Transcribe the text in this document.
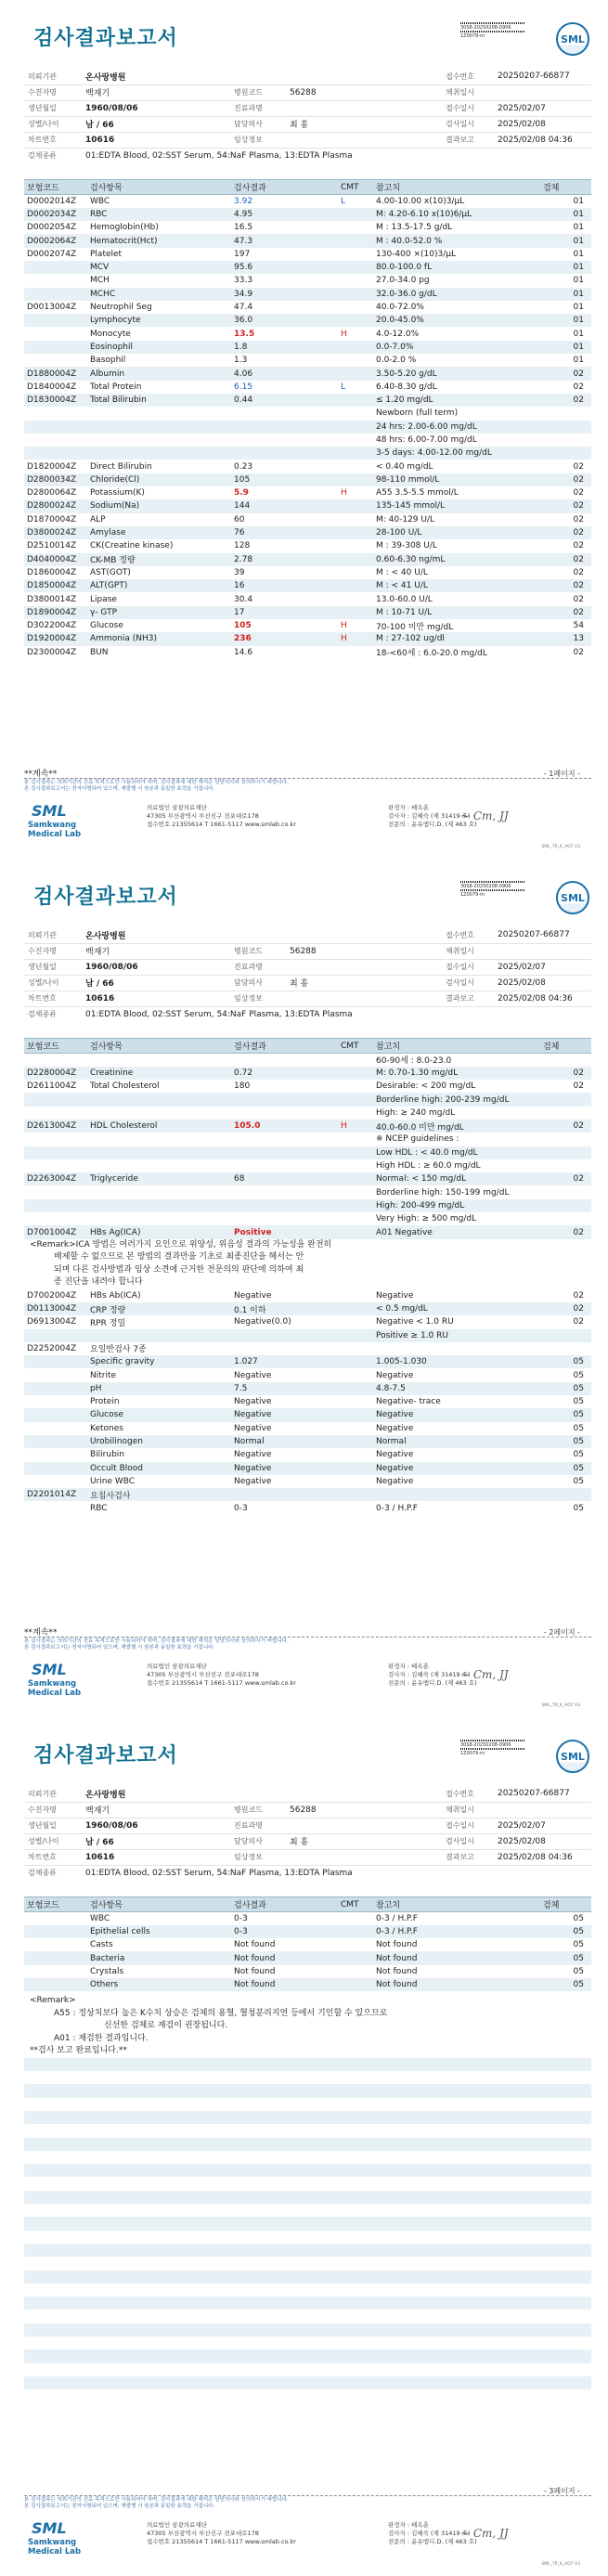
검사결과보고서	30S8-20250208-0906
1Z0079-m	SML
의뢰기관	온사랑병원			접수번호	20250207-66877
수진자명	백재기	병원코드	56288	채취일시	
생년월일	1960/08/06	진료과명		접수일시	2025/02/07
성별/나이	남 / 66	담당의사	최 홍	검사일시	2025/02/08
차트번호	10616	임상정보		결과보고	2025/02/08 04:36
검체종류	01:EDTA Blood, 02:SST Serum, 54:NaF Plasma, 13:EDTA Plasma				
보험코드	검사항목	검사결과	CMT	참고치	검체
D0002014Z	WBC	3.92	L	4.00-10.00 x(10)3/μL	01
D0002034Z	RBC	4.95		M: 4.20-6.10 x(10)6/μL	01
D0002054Z	Hemoglobin(Hb)	16.5		M : 13.5-17.5 g/dL	01
D0002064Z	Hematocrit(Hct)	47.3		M : 40.0-52.0 %	01
D0002074Z	Platelet	197		130-400 ×(10)3/μL	01
	MCV	95.6		80.0-100.0 fL	01
	MCH	33.3		27.0-34.0 pg	01
	MCHC	34.9		32.0-36.0 g/dL	01
D0013004Z	Neutrophil Seg	47.4		40.0-72.0%	01
	Lymphocyte	36.0		20.0-45.0%	01
	Monocyte	13.5	H	4.0-12.0%	01
	Eosinophil	1.8		0.0-7.0%	01
	Basophil	1.3		0.0-2.0 %	01
D1880004Z	Albumin	4.06		3.50-5.20 g/dL	02
D1840004Z	Total Protein	6.15	L	6.40-8.30 g/dL	02
D1830004Z	Total Bilirubin	0.44		≤ 1.20 mg/dL	02
				Newborn (full term)	
				24 hrs: 2.00-6.00 mg/dL	
				48 hrs: 6.00-7.00 mg/dL	
				3-5 days: 4.00-12.00 mg/dL	
D1820004Z	Direct Bilirubin	0.23		< 0.40 mg/dL	02
D2800034Z	Chloride(Cl)	105		98-110 mmol/L	02
D2800064Z	Potassium(K)	5.9	H	A55 3.5-5.5 mmol/L	02
D2800024Z	Sodium(Na)	144		135-145 mmol/L	02
D1870004Z	ALP	60		M: 40-129 U/L	02
D3800024Z	Amylase	76		28-100 U/L	02
D2510014Z	CK(Creatine kinase)	128		M : 39-308 U/L	02
D4040004Z	CK-MB 정량	2.78		0.60-6.30 ng/mL	02
D1860004Z	AST(GOT)	39		M : < 40 U/L	02
D1850004Z	ALT(GPT)	16		M : < 41 U/L	02
D3800014Z	Lipase	30.4		13.0-60.0 U/L	02
D1890004Z	γ- GTP	17		M : 10-71 U/L	02
D3022004Z	Glucose	105	H	70-100 미만 mg/dL	54
D1920004Z	Ammonia (NH3)	236	H	M : 27-102 ug/dl	13
D2300004Z	BUN	14.6		18-<60세 : 6.0-20.0 mg/dL	02
**계속**	- 1페이지 -
본 검사결과는 의뢰기관의 진료 목적으로만 사용되어야 하며, 검사결과에 대한 해석은 담당의사와 상의하시기 바랍니다.
본 검사결과보고서는 전자서명되어 있으며, 재발행 시 원본과 동일한 효력을 가집니다.
SML
Samkwang
Medical Lab
의료법인 삼광의료재단
47305 부산광역시 부산진구 전포대로178
접수번호 21355614 T 1661-5117 www.smlab.co.kr
판정자 : 배옥훈
검사자 : 김혜숙 (제 31419 호)
전문의 : 윤유엠디.D. (제 463 호)
~ Cm, JJ
SML_TR_K_AO7 V3
검사결과보고서	30S8-20250208-0906
1Z0079-m	SML
의뢰기관	온사랑병원			접수번호	20250207-66877
수진자명	백재기	병원코드	56288	채취일시	
생년월일	1960/08/06	진료과명		접수일시	2025/02/07
성별/나이	남 / 66	담당의사	최 홍	검사일시	2025/02/08
차트번호	10616	임상정보		결과보고	2025/02/08 04:36
검체종류	01:EDTA Blood, 02:SST Serum, 54:NaF Plasma, 13:EDTA Plasma				
보험코드	검사항목	검사결과	CMT	참고치	검체
				60-90세 : 8.0-23.0	
D2280004Z	Creatinine	0.72		M: 0.70-1.30 mg/dL	02
D2611004Z	Total Cholesterol	180		Desirable: < 200 mg/dL	02
				Borderline high: 200-239 mg/dL	
				High: ≥ 240 mg/dL	
D2613004Z	HDL Cholesterol	105.0	H	40.0-60.0 미만 mg/dL	02
				※ NCEP guidelines :	
				Low HDL : < 40.0 mg/dL	
				High HDL : ≥ 60.0 mg/dL	
D2263004Z	Triglyceride	68		Normal: < 150 mg/dL	02
				Borderline high: 150-199 mg/dL	
				High: 200-499 mg/dL	
				Very High: ≥ 500 mg/dL	
D7001004Z	HBs Ag(ICA)	Positive		A01 Negative	02
<Remark>ICA 방법은 여러가지 요인으로 위양성, 위음성 결과의 가능성을 완전히
배제할 수 없으므로 본 방법의 결과만을 기초로 최종진단을 해서는 안
되며 다른 검사방법과 임상 소견에 근거한 전문의의 판단에 의하여 최
종 진단을 내려야 합니다
D7002004Z	HBs Ab(ICA)	Negative		Negative	02
D0113004Z	CRP 정량	0.1 이하		< 0.5 mg/dL	02
D6913004Z	RPR 정밀	Negative(0.0)		Negative < 1.0 RU	02
				Positive ≥ 1.0 RU	
D2252004Z	요일반검사 7종				
	Specific gravity	1.027		1.005-1.030	05
	Nitrite	Negative		Negative	05
	pH	7.5		4.8-7.5	05
	Protein	Negative		Negative- trace	05
	Glucose	Negative		Negative	05
	Ketones	Negative		Negative	05
	Urobilinogen	Normal		Normal	05
	Bilirubin	Negative		Negative	05
	Occult Blood	Negative		Negative	05
	Urine WBC	Negative		Negative	05
D2201014Z	요침사검사				
	RBC	0-3		0-3 / H.P.F	05
**계속**	- 2페이지 -
본 검사결과는 의뢰기관의 진료 목적으로만 사용되어야 하며, 검사결과에 대한 해석은 담당의사와 상의하시기 바랍니다.
본 검사결과보고서는 전자서명되어 있으며, 재발행 시 원본과 동일한 효력을 가집니다.
SML
Samkwang
Medical Lab
의료법인 삼광의료재단
47305 부산광역시 부산진구 전포대로178
접수번호 21355614 T 1661-5117 www.smlab.co.kr
판정자 : 배옥훈
검사자 : 김혜숙 (제 31419 호)
전문의 : 윤유엠디.D. (제 463 호)
~ Cm, JJ
SML_TR_K_AO7 V3
검사결과보고서	30S8-20250208-0906
1Z0079-m	SML
의뢰기관	온사랑병원			접수번호	20250207-66877
수진자명	백재기	병원코드	56288	채취일시	
생년월일	1960/08/06	진료과명		접수일시	2025/02/07
성별/나이	남 / 66	담당의사	최 홍	검사일시	2025/02/08
차트번호	10616	임상정보		결과보고	2025/02/08 04:36
검체종류	01:EDTA Blood, 02:SST Serum, 54:NaF Plasma, 13:EDTA Plasma				
보험코드	검사항목	검사결과	CMT	참고치	검체
	WBC	0-3		0-3 / H.P.F	05
	Epithelial cells	0-3		0-3 / H.P.F	05
	Casts	Not found		Not found	05
	Bacteria	Not found		Not found	05
	Crystals	Not found		Not found	05
	Others	Not found		Not found	05
<Remark>
A55 : 정상치보다 높은 K수치 상승은 검체의 용혈, 혈청분리지연 등에서 기인할 수 있으므로
신선한 검체로 재검이 권장됩니다.
A01 : 재검한 결과입니다.
**검사 보고 완료입니다.**
- 3페이지 -
본 검사결과는 의뢰기관의 진료 목적으로만 사용되어야 하며, 검사결과에 대한 해석은 담당의사와 상의하시기 바랍니다.
본 검사결과보고서는 전자서명되어 있으며, 재발행 시 원본과 동일한 효력을 가집니다.
SML
Samkwang
Medical Lab
의료법인 삼광의료재단
47305 부산광역시 부산진구 전포대로178
접수번호 21355614 T 1661-5117 www.smlab.co.kr
판정자 : 배옥훈
검사자 : 김혜숙 (제 31419 호)
전문의 : 윤유엠디.D. (제 463 호)
~ Cm, JJ
SML_TR_K_AO7 V3
